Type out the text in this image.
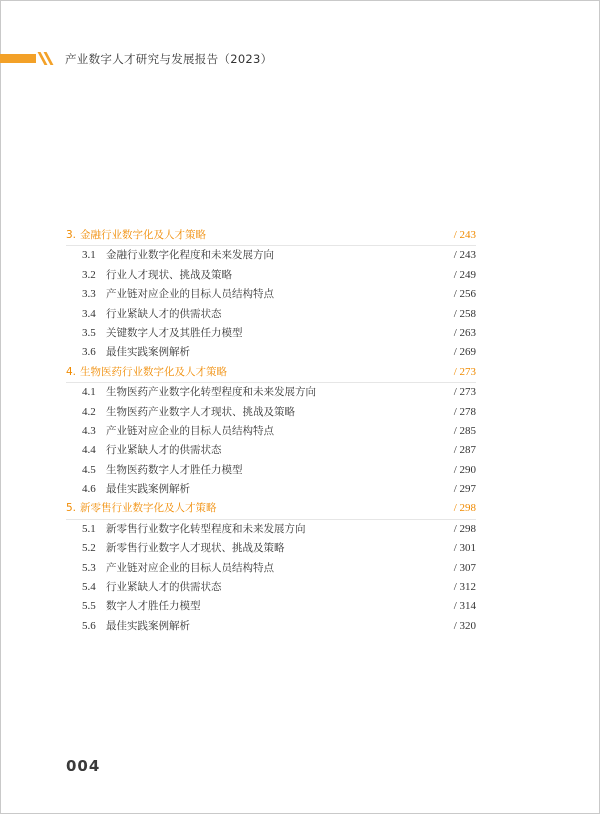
产业数字人才研究与发展报告（2023）
3. 金融行业数字化及人才策略	/ 243
3.1 金融行业数字化程度和未来发展方向	/ 243
3.2 行业人才现状、挑战及策略	/ 249
3.3 产业链对应企业的目标人员结构特点	/ 256
3.4 行业紧缺人才的供需状态	/ 258
3.5 关键数字人才及其胜任力模型	/ 263
3.6 最佳实践案例解析	/ 269
4. 生物医药行业数字化及人才策略	/ 273
4.1 生物医药产业数字化转型程度和未来发展方向	/ 273
4.2 生物医药产业数字人才现状、挑战及策略	/ 278
4.3 产业链对应企业的目标人员结构特点	/ 285
4.4 行业紧缺人才的供需状态	/ 287
4.5 生物医药数字人才胜任力模型	/ 290
4.6 最佳实践案例解析	/ 297
5. 新零售行业数字化及人才策略	/ 298
5.1 新零售行业数字化转型程度和未来发展方向	/ 298
5.2 新零售行业数字人才现状、挑战及策略	/ 301
5.3 产业链对应企业的目标人员结构特点	/ 307
5.4 行业紧缺人才的供需状态	/ 312
5.5 数字人才胜任力模型	/ 314
5.6 最佳实践案例解析	/ 320
004
